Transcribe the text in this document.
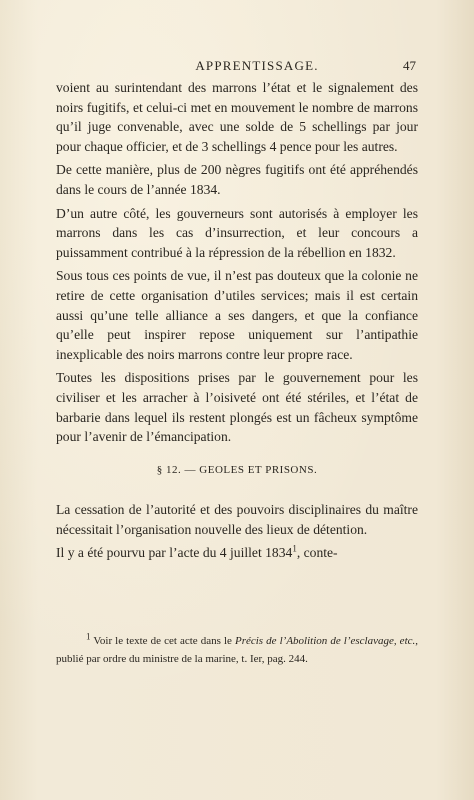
APPRENTISSAGE.	47

voient au surintendant des marrons l’état et le signalement des noirs fugitifs, et celui-ci met en mouvement le nombre de marrons qu’il juge convenable, avec une solde de 5 schellings par jour pour chaque officier, et de 3 schellings 4 pence pour les autres.

De cette manière, plus de 200 nègres fugitifs ont été appréhendés dans le cours de l’année 1834.

D’un autre côté, les gouverneurs sont autorisés à employer les marrons dans les cas d’insurrection, et leur concours a puissamment contribué à la répression de la rébellion en 1832.

Sous tous ces points de vue, il n’est pas douteux que la colonie ne retire de cette organisation d’utiles services; mais il est certain aussi qu’une telle alliance a ses dangers, et que la confiance qu’elle peut inspirer repose uniquement sur l’antipathie inexplicable des noirs marrons contre leur propre race.

Toutes les dispositions prises par le gouvernement pour les civiliser et les arracher à l’oisiveté ont été stériles, et l’état de barbarie dans lequel ils restent plongés est un fâcheux symptôme pour l’avenir de l’émancipation.

§ 12. — GEOLES ET PRISONS.

La cessation de l’autorité et des pouvoirs disciplinaires du maître nécessitait l’organisation nouvelle des lieux de détention.

Il y a été pourvu par l’acte du 4 juillet 1834$^1$, conte-

$^1$ Voir le texte de cet acte dans le Précis de l’Abolition de l’esclavage, etc., publié par ordre du ministre de la marine, t. Ier, pag. 244.
